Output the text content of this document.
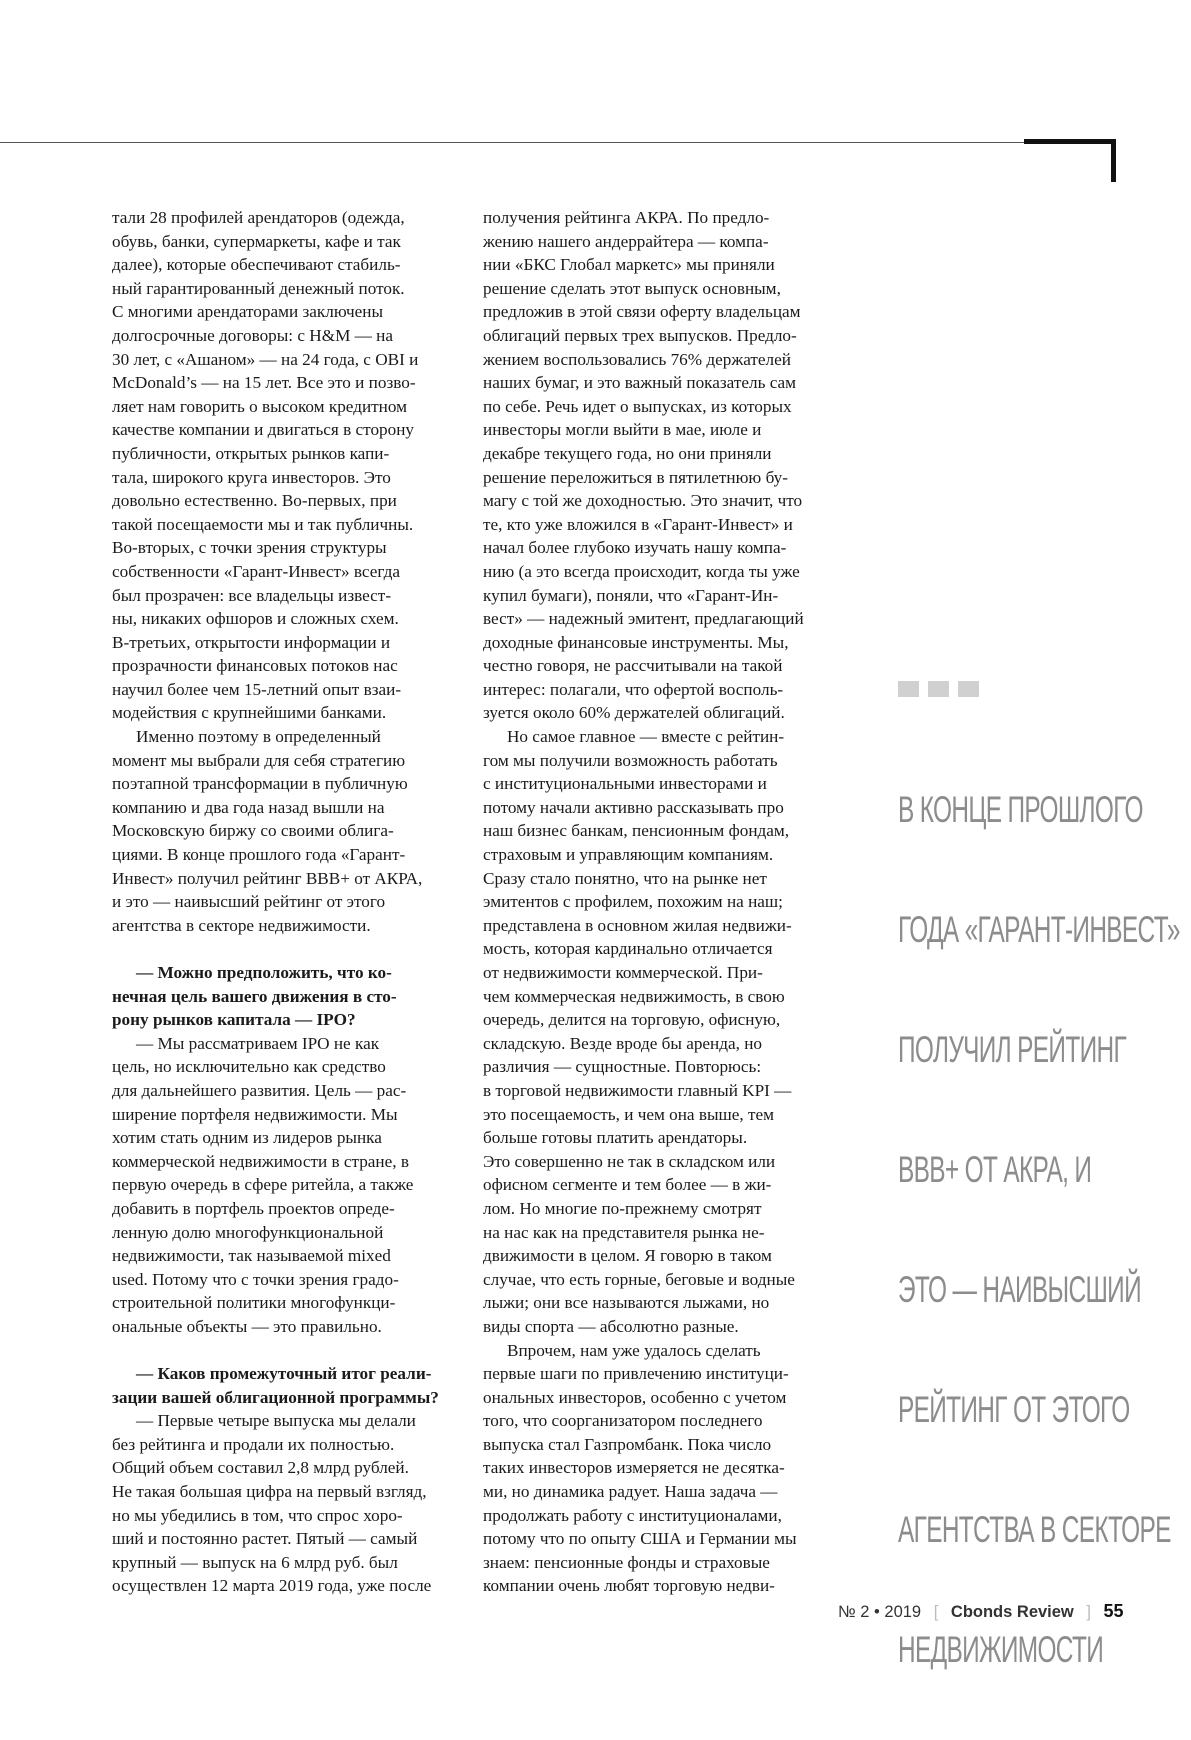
тали 28 профилей арендаторов (одежда,
обувь, банки, супермаркеты, кафе и так
далее), которые обеспечивают стабиль-
ный гарантированный денежный поток.
С многими арендаторами заключены
долгосрочные договоры: с H&M — на
30 лет, с «Ашаном» — на 24 года, с OBI и
McDonald’s — на 15 лет. Все это и позво-
ляет нам говорить о высоком кредитном
качестве компании и двигаться в сторону
публичности, открытых рынков капи-
тала, широкого круга инвесторов. Это
довольно естественно. Во-первых, при
такой посещаемости мы и так публичны.
Во-вторых, с точки зрения структуры
собственности «Гарант-Инвест» всегда
был прозрачен: все владельцы извест-
ны, никаких офшоров и сложных схем.
В-третьих, открытости информации и
прозрачности финансовых потоков нас
научил более чем 15-летний опыт взаи-
модействия с крупнейшими банками.

Именно поэтому в определенный
момент мы выбрали для себя стратегию
поэтапной трансформации в публичную
компанию и два года назад вышли на
Московскую биржу со своими облига-
циями. В конце прошлого года «Гарант-
Инвест» получил рейтинг BBB+ от АКРА,
и это — наивысший рейтинг от этого
агентства в секторе недвижимости.

— Можно предположить, что ко-
нечная цель вашего движения в сто-
рону рынков капитала — IPO?

— Мы рассматриваем IPO не как
цель, но исключительно как средство
для дальнейшего развития. Цель — рас-
ширение портфеля недвижимости. Мы
хотим стать одним из лидеров рынка
коммерческой недвижимости в стране, в
первую очередь в сфере ритейла, а также
добавить в портфель проектов опреде-
ленную долю многофункциональной
недвижимости, так называемой mixed
used. Потому что с точки зрения градо-
строительной политики многофункци-
ональные объекты — это правильно.

— Каков промежуточный итог реали-
зации вашей облигационной программы?

— Первые четыре выпуска мы делали
без рейтинга и продали их полностью.
Общий объем составил 2,8 млрд рублей.
Не такая большая цифра на первый взгляд,
но мы убедились в том, что спрос хоро-
ший и постоянно растет. Пятый — самый
крупный — выпуск на 6 млрд руб. был
осуществлен 12 марта 2019 года, уже после

получения рейтинга АКРА. По предло-
жению нашего андеррайтера — компа-
нии «БКС Глобал маркетс» мы приняли
решение сделать этот выпуск основным,
предложив в этой связи оферту владельцам
облигаций первых трех выпусков. Предло-
жением воспользовались 76% держателей
наших бумаг, и это важный показатель сам
по себе. Речь идет о выпусках, из которых
инвесторы могли выйти в мае, июле и
декабре текущего года, но они приняли
решение переложиться в пятилетнюю бу-
магу с той же доходностью. Это значит, что
те, кто уже вложился в «Гарант-Инвест» и
начал более глубоко изучать нашу компа-
нию (а это всегда происходит, когда ты уже
купил бумаги), поняли, что «Гарант-Ин-
вест» — надежный эмитент, предлагающий
доходные финансовые инструменты. Мы,
честно говоря, не рассчитывали на такой
интерес: полагали, что офертой восполь-
зуется около 60% держателей облигаций.

Но самое главное — вместе с рейтин-
гом мы получили возможность работать
с институциональными инвесторами и
потому начали активно рассказывать про
наш бизнес банкам, пенсионным фондам,
страховым и управляющим компаниям.
Сразу стало понятно, что на рынке нет
эмитентов с профилем, похожим на наш;
представлена в основном жилая недвижи-
мость, которая кардинально отличается
от недвижимости коммерческой. При-
чем коммерческая недвижимость, в свою
очередь, делится на торговую, офисную,
складскую. Везде вроде бы аренда, но
различия — сущностные. Повторюсь:
в торговой недвижимости главный KPI —
это посещаемость, и чем она выше, тем
больше готовы платить арендаторы.
Это совершенно не так в складском или
офисном сегменте и тем более — в жи-
лом. Но многие по-прежнему смотрят
на нас как на представителя рынка не-
движимости в целом. Я говорю в таком
случае, что есть горные, беговые и водные
лыжи; они все называются лыжами, но
виды спорта — абсолютно разные.

Впрочем, нам уже удалось сделать
первые шаги по привлечению институци-
ональных инвесторов, особенно с учетом
того, что соорганизатором последнего
выпуска стал Газпромбанк. Пока число
таких инвесторов измеряется не десятка-
ми, но динамика радует. Наша задача —
продолжать работу с институционалами,
потому что по опыту США и Германии мы
знаем: пенсионные фонды и страховые
компании очень любят торговую недви-

В КОНЦЕ ПРОШЛОГО

ГОДА «ГАРАНТ-ИНВЕСТ»

ПОЛУЧИЛ РЕЙТИНГ

BBB+ ОТ АКРА, И

ЭТО — НАИВЫСШИЙ

РЕЙТИНГ ОТ ЭТОГО

АГЕНТСТВА В СЕКТОРЕ

НЕДВИЖИМОСТИ

№ 2 • 2019 [ Cbonds Review ] 55
